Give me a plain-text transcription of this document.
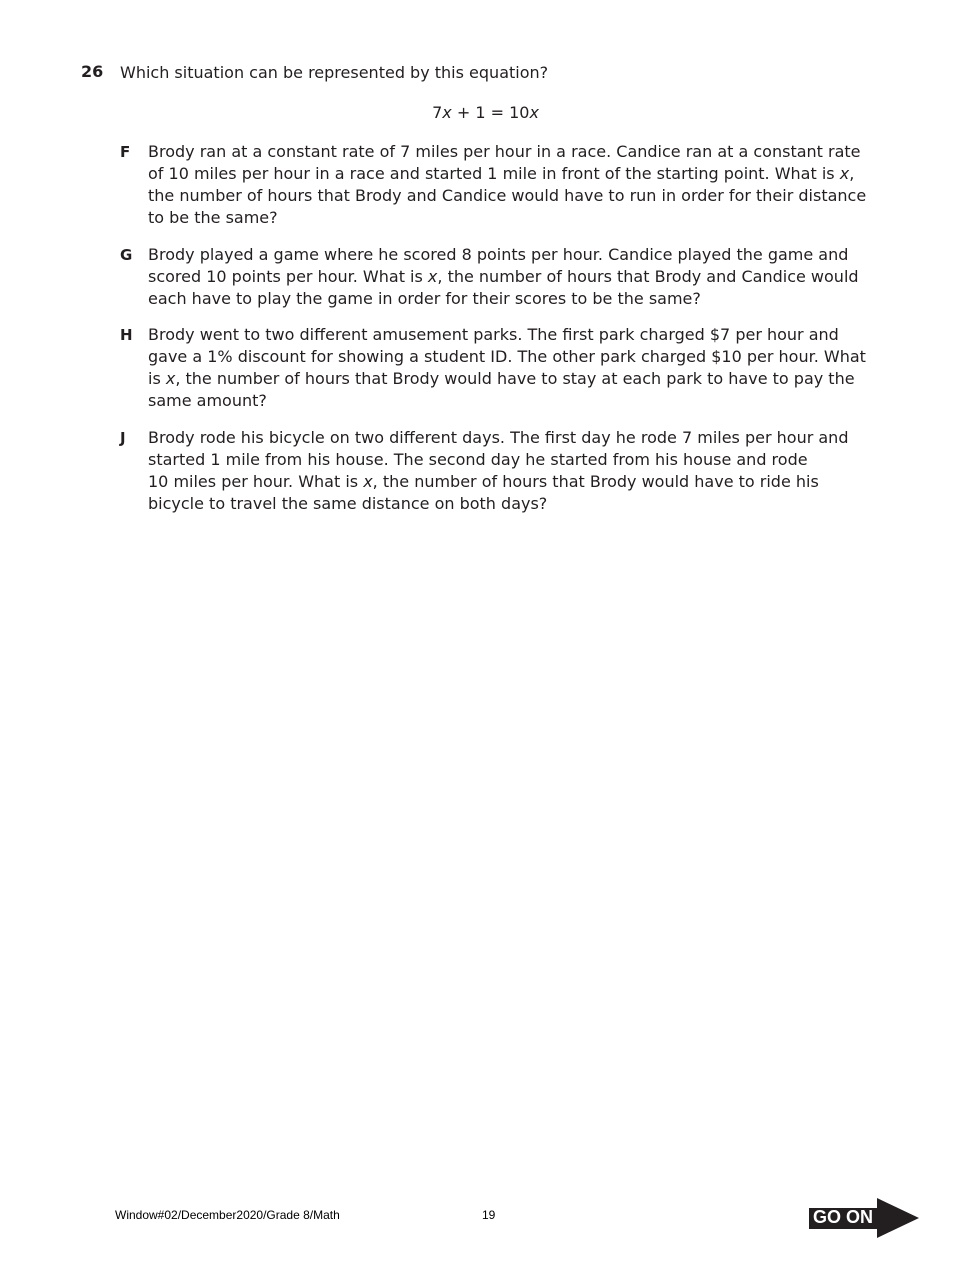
26 Which situation can be represented by this equation?
7x + 1 = 10x
F Brody ran at a constant rate of 7 miles per hour in a race. Candice ran at a constant rate
of 10 miles per hour in a race and started 1 mile in front of the starting point. What is x,
the number of hours that Brody and Candice would have to run in order for their distance
to be the same?
G Brody played a game where he scored 8 points per hour. Candice played the game and
scored 10 points per hour. What is x, the number of hours that Brody and Candice would
each have to play the game in order for their scores to be the same?
H Brody went to two different amusement parks. The first park charged $7 per hour and
gave a 1% discount for showing a student ID. The other park charged $10 per hour. What
is x, the number of hours that Brody would have to stay at each park to have to pay the
same amount?
J Brody rode his bicycle on two different days. The first day he rode 7 miles per hour and
started 1 mile from his house. The second day he started from his house and rode
10 miles per hour. What is x, the number of hours that Brody would have to ride his
bicycle to travel the same distance on both days?
Window#02/December2020/Grade 8/Math	19	GO ON
